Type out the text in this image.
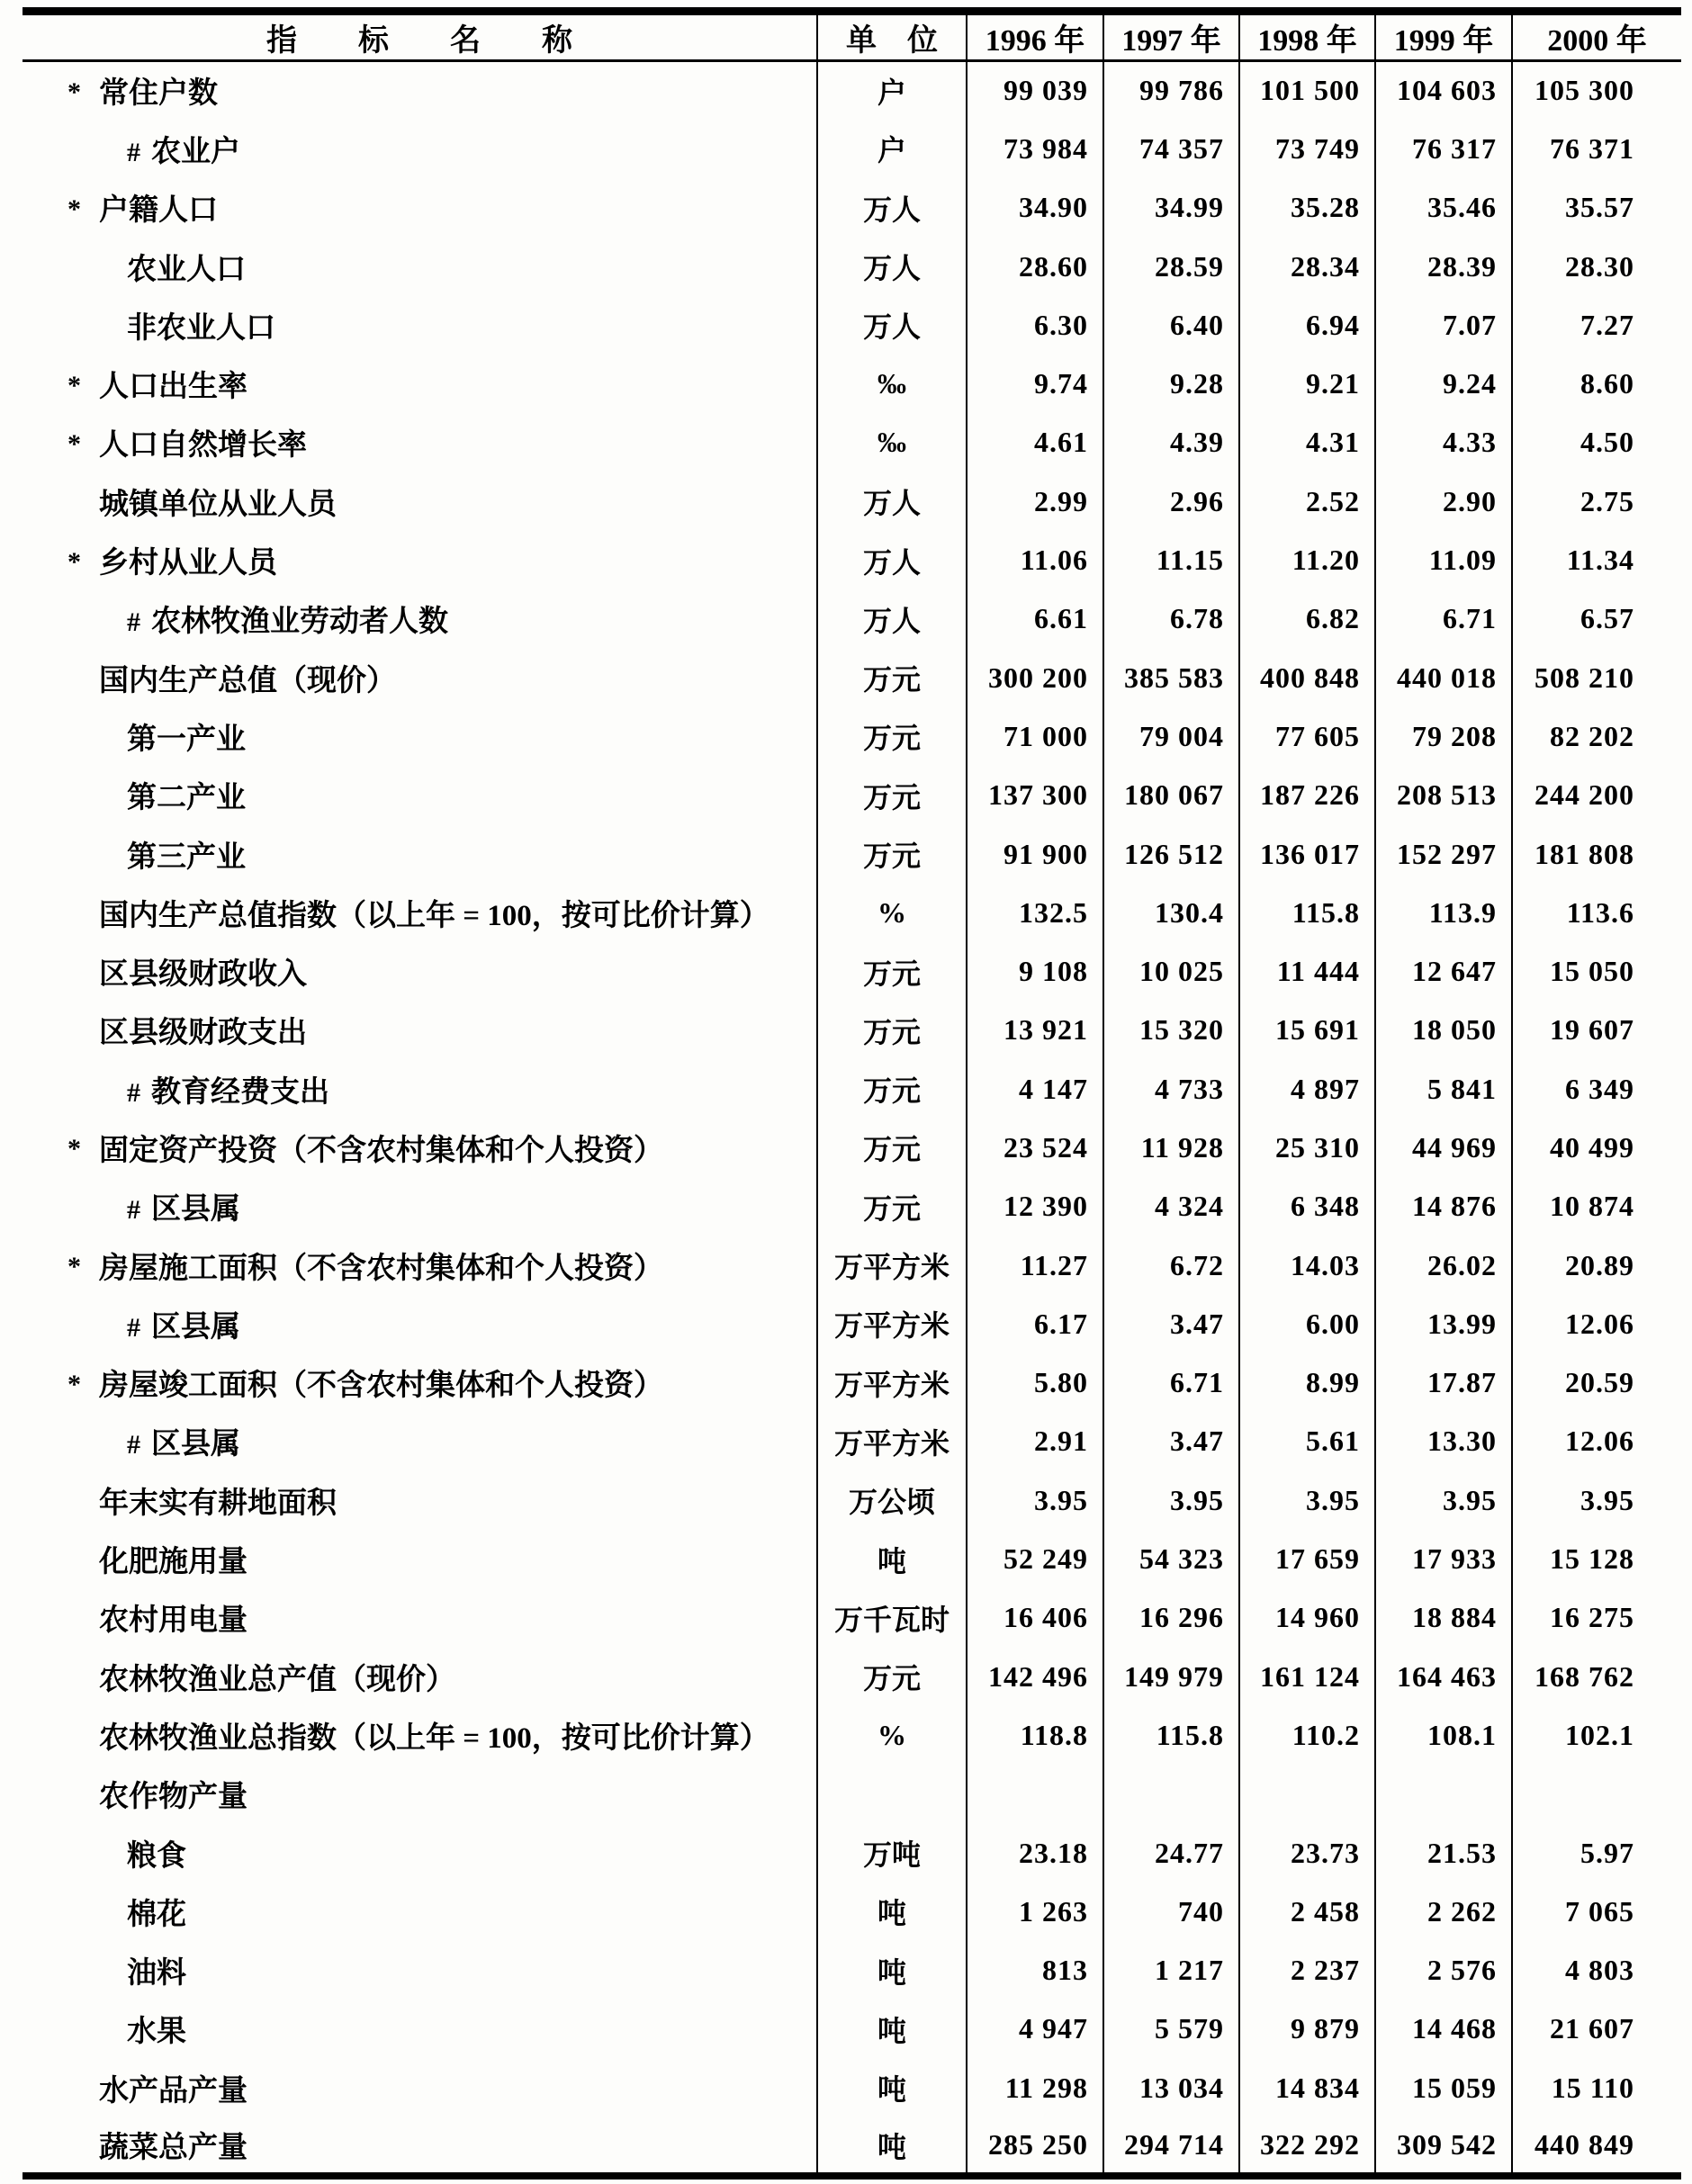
指　　标　　名　　称	单　位	1996 年	1997 年	1998 年	1999 年	2000 年

* 常住户数	户	99 039	99 786	101 500	104 603	105 300
# 农业户	户	73 984	74 357	73 749	76 317	76 371

* 户籍人口	万人	34.90	34.99	35.28	35.46	35.57
农业人口	万人	28.60	28.59	28.34	28.39	28.30
非农业人口	万人	6.30	6.40	6.94	7.07	7.27

* 人口出生率	‰	9.74	9.28	9.21	9.24	8.60

* 人口自然增长率	‰	4.61	4.39	4.31	4.33	4.50
城镇单位从业人员	万人	2.99	2.96	2.52	2.90	2.75

* 乡村从业人员	万人	11.06	11.15	11.20	11.09	11.34
# 农林牧渔业劳动者人数	万人	6.61	6.78	6.82	6.71	6.57
国内生产总值（现价）	万元	300 200	385 583	400 848	440 018	508 210
第一产业	万元	71 000	79 004	77 605	79 208	82 202
第二产业	万元	137 300	180 067	187 226	208 513	244 200
第三产业	万元	91 900	126 512	136 017	152 297	181 808
国内生产总值指数（以上年 = 100，按可比价计算）	%	132.5	130.4	115.8	113.9	113.6
区县级财政收入	万元	9 108	10 025	11 444	12 647	15 050
区县级财政支出	万元	13 921	15 320	15 691	18 050	19 607
# 教育经费支出	万元	4 147	4 733	4 897	5 841	6 349

* 固定资产投资（不含农村集体和个人投资）	万元	23 524	11 928	25 310	44 969	40 499
# 区县属	万元	12 390	4 324	6 348	14 876	10 874

* 房屋施工面积（不含农村集体和个人投资）	万平方米	11.27	6.72	14.03	26.02	20.89
# 区县属	万平方米	6.17	3.47	6.00	13.99	12.06

* 房屋竣工面积（不含农村集体和个人投资）	万平方米	5.80	6.71	8.99	17.87	20.59
# 区县属	万平方米	2.91	3.47	5.61	13.30	12.06
年末实有耕地面积	万公顷	3.95	3.95	3.95	3.95	3.95
化肥施用量	吨	52 249	54 323	17 659	17 933	15 128
农村用电量	万千瓦时	16 406	16 296	14 960	18 884	16 275
农林牧渔业总产值（现价）	万元	142 496	149 979	161 124	164 463	168 762
农林牧渔业总指数（以上年 = 100，按可比价计算）	%	118.8	115.8	110.2	108.1	102.1
农作物产量						
粮食	万吨	23.18	24.77	23.73	21.53	5.97
棉花	吨	1 263	740	2 458	2 262	7 065
油料	吨	813	1 217	2 237	2 576	4 803
水果	吨	4 947	5 579	9 879	14 468	21 607
水产品产量	吨	11 298	13 034	14 834	15 059	15 110
蔬菜总产量	吨	285 250	294 714	322 292	309 542	440 849
